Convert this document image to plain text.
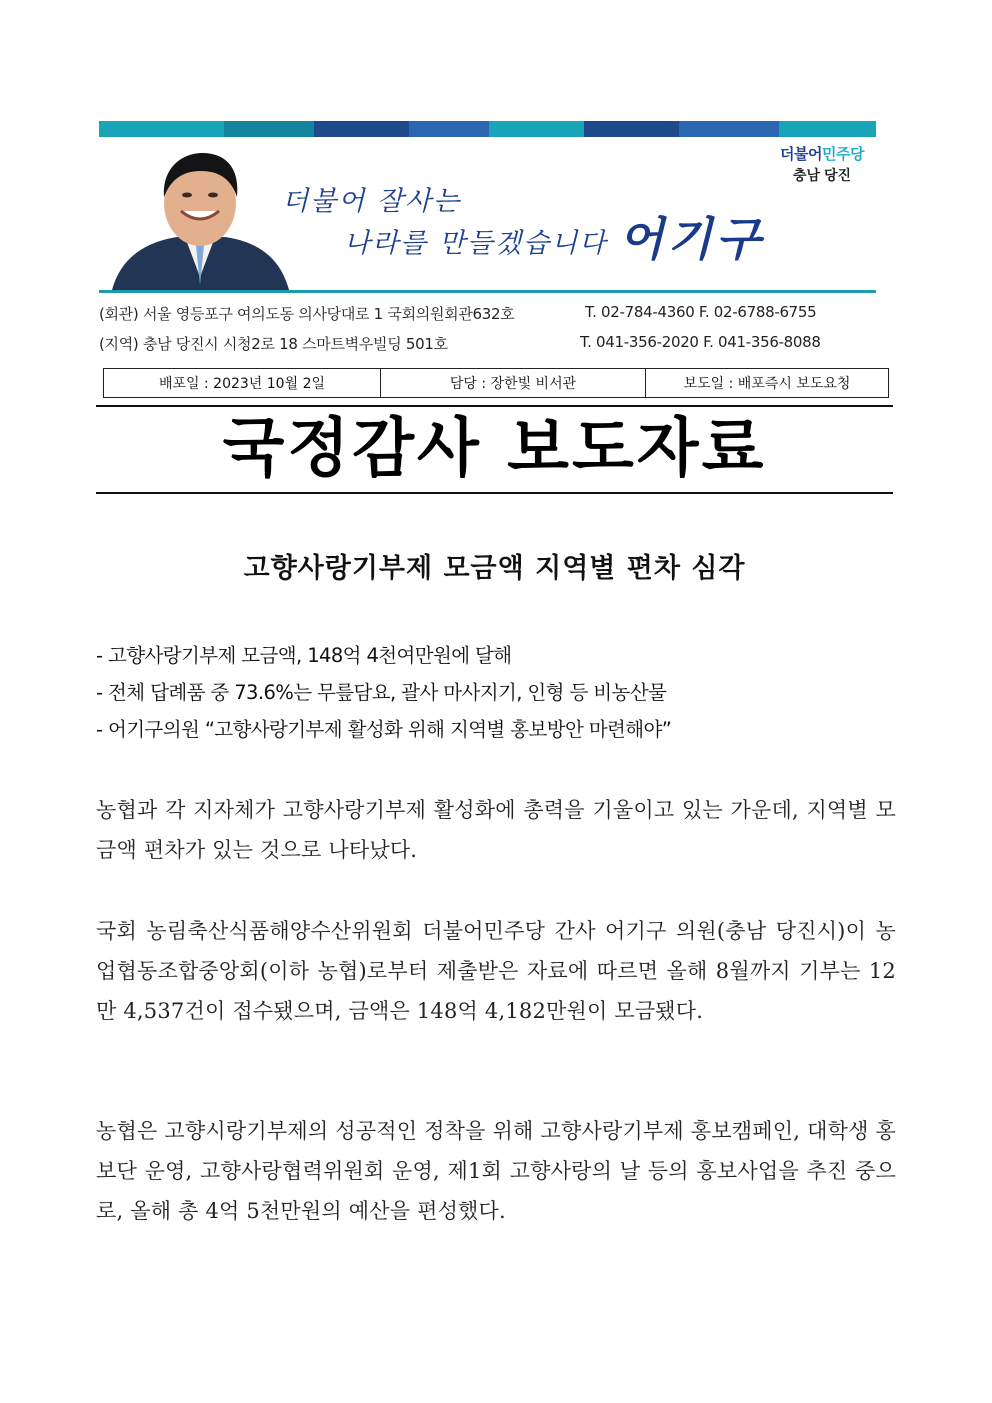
더불어 잘사는
나라를 만들겠습니다 어기구
더불어민주당
충남 당진
(회관) 서울 영등포구 여의도동 의사당대로 1 국회의원회관632호	T. 02-784-4360 F. 02-6788-6755
(지역) 충남 당진시 시청2로 18 스마트벽우빌딩 501호	T. 041-356-2020 F. 041-356-8088
배포일 : 2023년 10월 2일	담당 : 장한빛 비서관	보도일 : 배포즉시 보도요청
국정감사 보도자료
고향사랑기부제 모금액 지역별 편차 심각
- 고향사랑기부제 모금액, 148억 4천여만원에 달해
- 전체 답례품 중 73.6%는 무릎담요, 괄사 마사지기, 인형 등 비농산물
- 어기구의원 “고향사랑기부제 활성화 위해 지역별 홍보방안 마련해야”
농협과 각 지자체가 고향사랑기부제 활성화에 총력을 기울이고 있는 가운데, 지역별 모금액 편차가 있는 것으로 나타났다.
국회 농림축산식품해양수산위원회 더불어민주당 간사 어기구 의원(충남 당진시)이 농업협동조합중앙회(이하 농협)로부터 제출받은 자료에 따르면 올해 8월까지 기부는 12만 4,537건이 접수됐으며, 금액은 148억 4,182만원이 모금됐다.
농협은 고향시랑기부제의 성공적인 정착을 위해 고향사랑기부제 홍보캠페인, 대학생 홍보단 운영, 고향사랑협력위원회 운영, 제1회 고향사랑의 날 등의 홍보사업을 추진 중으로, 올해 총 4억 5천만원의 예산을 편성했다.
